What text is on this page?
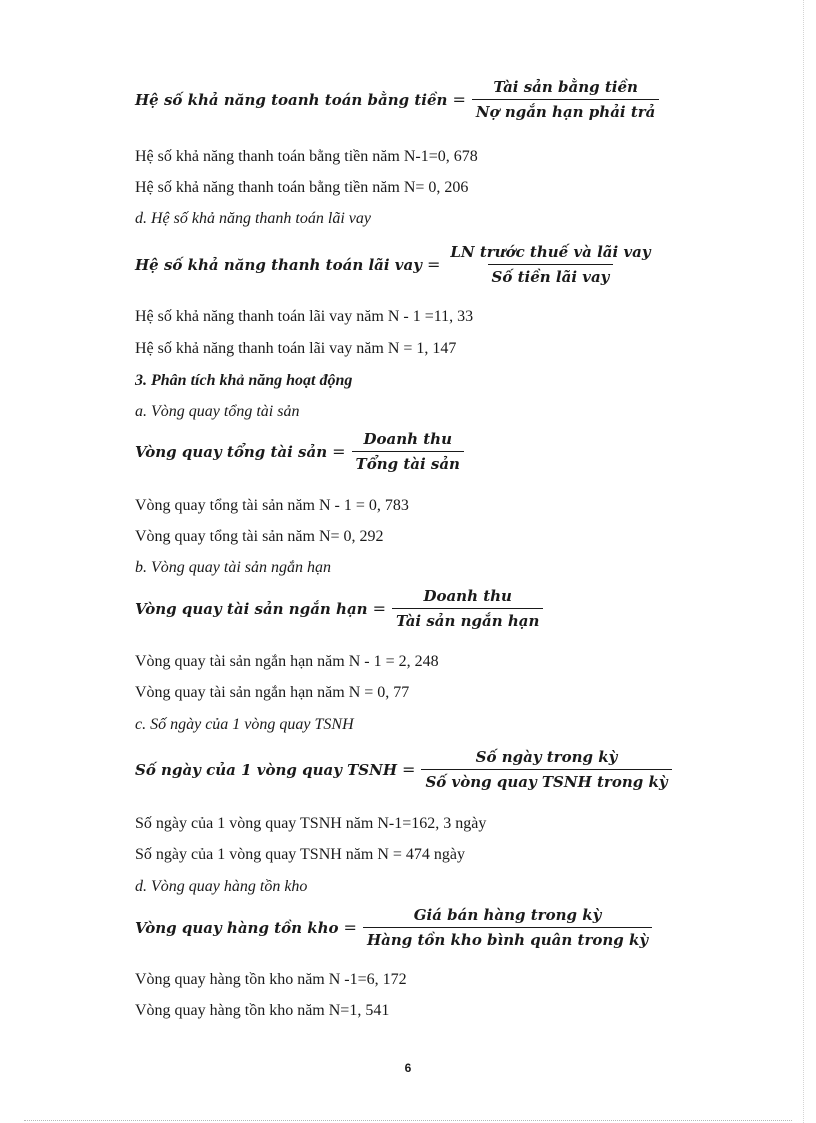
Hệ số khả năng toanh toán bằng tiền = $\frac{\text{Tài sản bằng tiền}}{\text{Nợ ngắn hạn phải trả}}$
Hệ số khả năng thanh toán bằng tiền năm N-1=0, 678
Hệ số khả năng thanh toán bằng tiền năm N= 0, 206
d. Hệ số khả năng thanh toán lãi vay
Hệ số khả năng thanh toán lãi vay = $\frac{\text{LN trước thuế và lãi vay}}{\text{Số tiền lãi vay}}$
Hệ số khả năng thanh toán lãi vay năm N - 1 =11, 33
Hệ số khả năng thanh toán lãi vay năm N = 1, 147
3. Phân tích khả năng hoạt động
a. Vòng quay tổng tài sản
Vòng quay tổng tài sản = $\frac{\text{Doanh thu}}{\text{Tổng tài sản}}$
Vòng quay tổng tài sản năm N - 1 = 0, 783
Vòng quay tổng tài sản năm N= 0, 292
b. Vòng quay tài sản ngắn hạn
Vòng quay tài sản ngắn hạn = $\frac{\text{Doanh thu}}{\text{Tài sản ngắn hạn}}$
Vòng quay tài sản ngắn hạn năm N - 1 = 2, 248
Vòng quay tài sản ngắn hạn năm N = 0, 77
c. Số ngày của 1 vòng quay TSNH
Số ngày của 1 vòng quay TSNH = $\frac{\text{Số ngày trong kỳ}}{\text{Số vòng quay TSNH trong kỳ}}$
Số ngày của 1 vòng quay TSNH năm N-1=162, 3 ngày
Số ngày của 1 vòng quay TSNH năm N = 474 ngày
d. Vòng quay hàng tồn kho
Vòng quay hàng tồn kho = $\frac{\text{Giá bán hàng trong kỳ}}{\text{Hàng tồn kho bình quân trong kỳ}}$
Vòng quay hàng tồn kho năm N -1=6, 172
Vòng quay hàng tồn kho năm N=1, 541
6
